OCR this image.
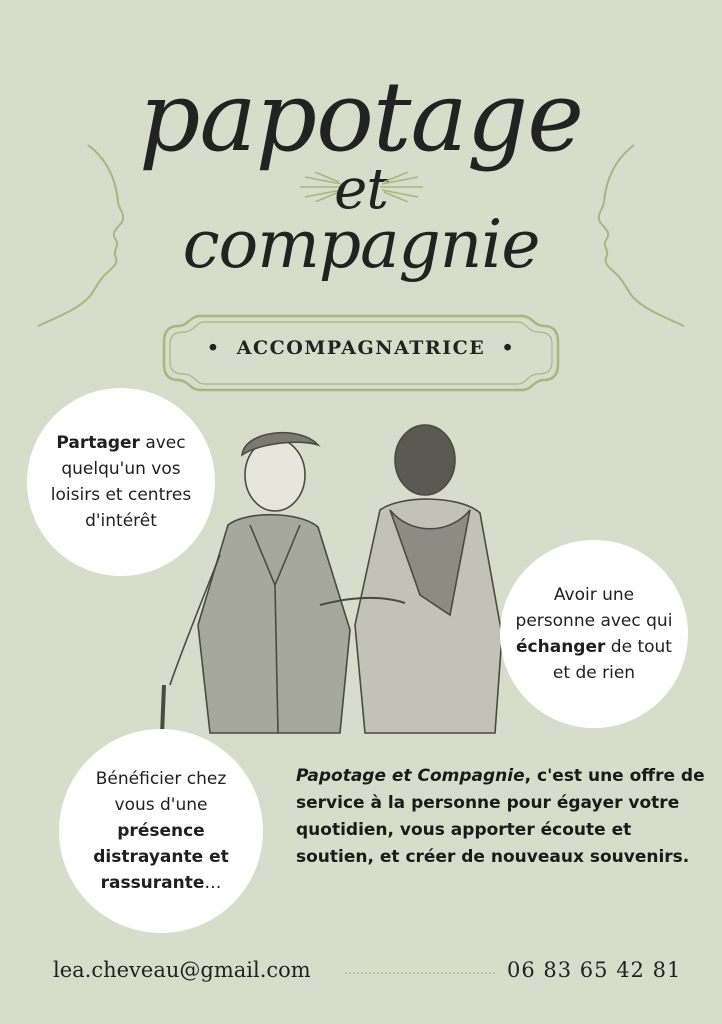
papotage
et
compagnie
• ACCOMPAGNATRICE •
Partager avec quelqu'un vos loisirs et centres d'intérêt
Avoir une personne avec qui échanger de tout et de rien
Bénéficier chez vous d'une présence distrayante et rassurante…
Papotage et Compagnie, c'est une offre de service à la personne pour égayer votre quotidien, vous apporter écoute et soutien, et créer de nouveaux souvenirs.
lea.cheveau@gmail.com	06 83 65 42 81
